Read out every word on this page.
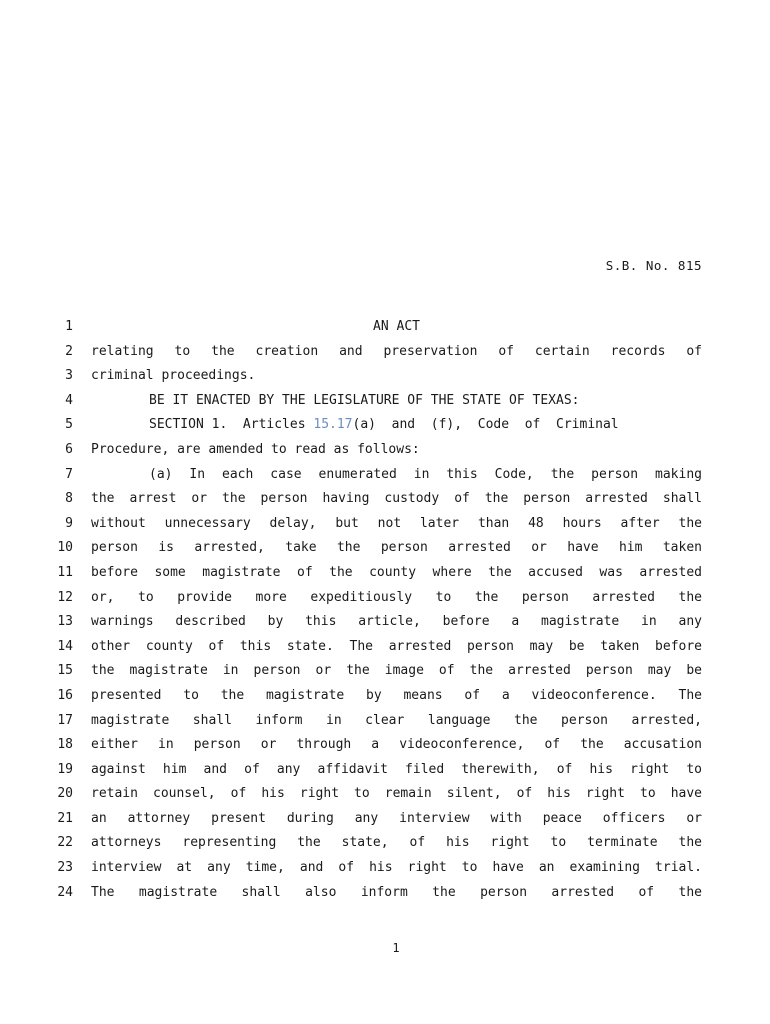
S.B. No. 815
1	AN ACT
2 relating to the creation and preservation of certain records of
3 criminal proceedings.
4	BE IT ENACTED BY THE LEGISLATURE OF THE STATE OF TEXAS:
5	SECTION 1.  Articles 15.17(a)  and  (f),  Code  of  Criminal
6 Procedure, are amended to read as follows:
7	(a) In each case enumerated in this Code, the person making
8 the arrest or the person having custody of the person arrested shall
9 without unnecessary delay, but not later than 48 hours after the
10 person is arrested, take the person arrested or have him taken
11 before some magistrate of the county where the accused was arrested
12 or, to provide more expeditiously to the person arrested the
13 warnings described by this article, before a magistrate in any
14 other county of this state. The arrested person may be taken before
15 the magistrate in person or the image of the arrested person may be
16 presented to the magistrate by means of a videoconference. The
17 magistrate shall inform in clear language the person arrested,
18 either in person or through a videoconference, of the accusation
19 against him and of any affidavit filed therewith, of his right to
20 retain counsel, of his right to remain silent, of his right to have
21 an attorney present during any interview with peace officers or
22 attorneys representing the state, of his right to terminate the
23 interview at any time, and of his right to have an examining trial.
24 The magistrate shall also inform the person arrested of the
1
